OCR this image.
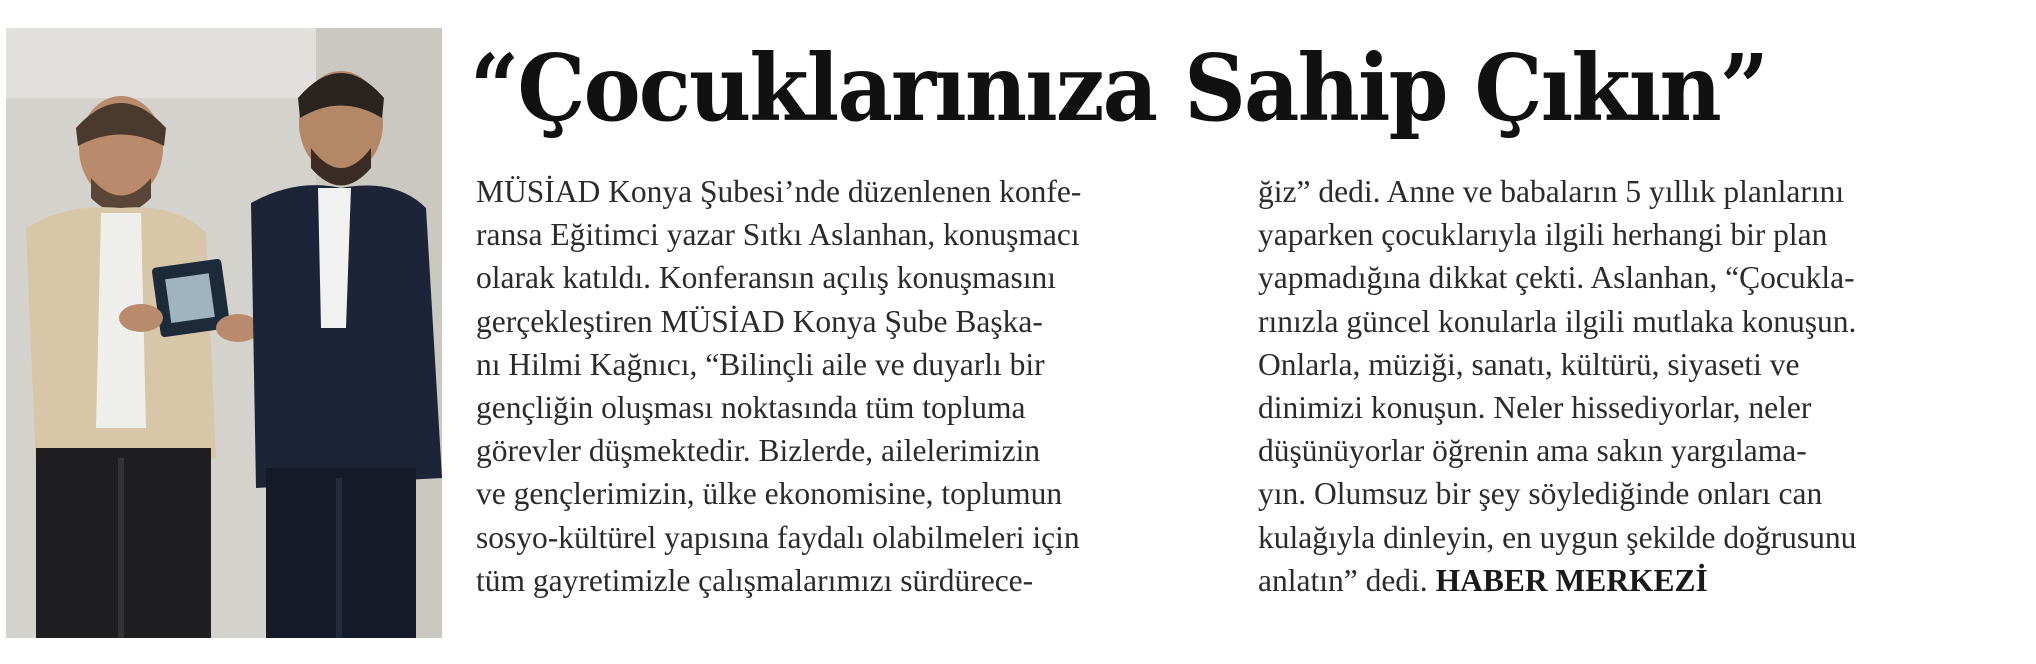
“Çocuklarınıza Sahip Çıkın”
MÜSİAD Konya Şubesi’nde düzenlenen konfe-
ransa Eğitimci yazar Sıtkı Aslanhan, konuşmacı
olarak katıldı. Konferansın açılış konuşmasını
gerçekleştiren MÜSİAD Konya Şube Başka-
nı Hilmi Kağnıcı, “Bilinçli aile ve duyarlı bir
gençliğin oluşması noktasında tüm topluma
görevler düşmektedir. Bizlerde, ailelerimizin
ve gençlerimizin, ülke ekonomisine, toplumun
sosyo-kültürel yapısına faydalı olabilmeleri için
tüm gayretimizle çalışmalarımızı sürdürece-
ğiz” dedi. Anne ve babaların 5 yıllık planlarını
yaparken çocuklarıyla ilgili herhangi bir plan
yapmadığına dikkat çekti. Aslanhan, “Çocukla-
rınızla güncel konularla ilgili mutlaka konuşun.
Onlarla, müziği, sanatı, kültürü, siyaseti ve
dinimizi konuşun. Neler hissediyorlar, neler
düşünüyorlar öğrenin ama sakın yargılama-
yın. Olumsuz bir şey söylediğinde onları can
kulağıyla dinleyin, en uygun şekilde doğrusunu
anlatın” dedi. HABER MERKEZİ
